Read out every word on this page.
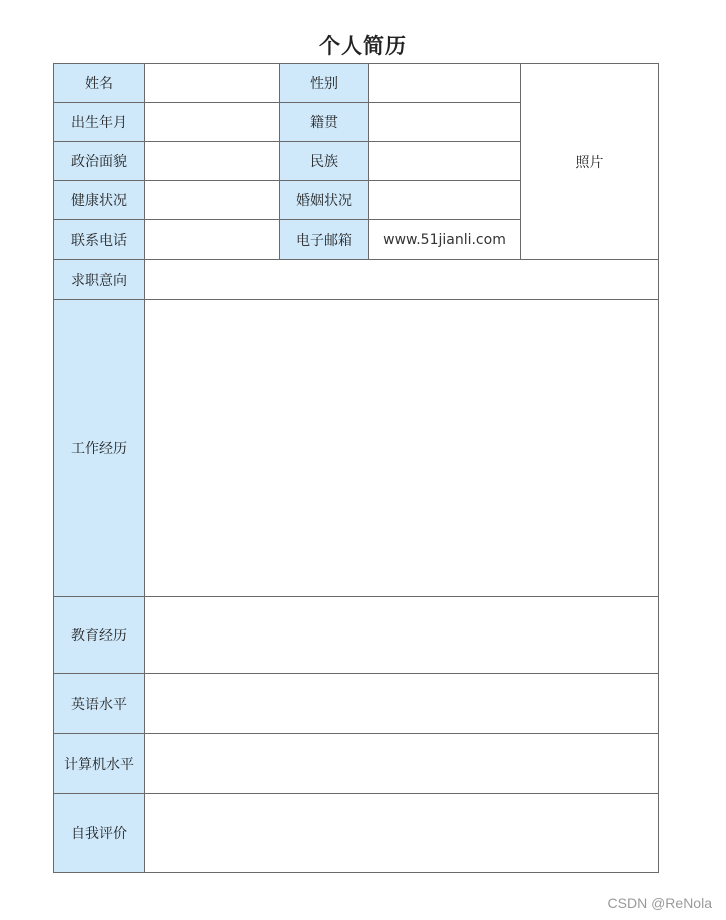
个人简历
姓名		性别		照片
出生年月		籍贯		
政治面貌		民族		
健康状况		婚姻状况		
联系电话		电子邮箱	www.51jianli.com	
求职意向				
工作经历				
教育经历				
英语水平				
计算机水平				
自我评价				
CSDN @ReNola
